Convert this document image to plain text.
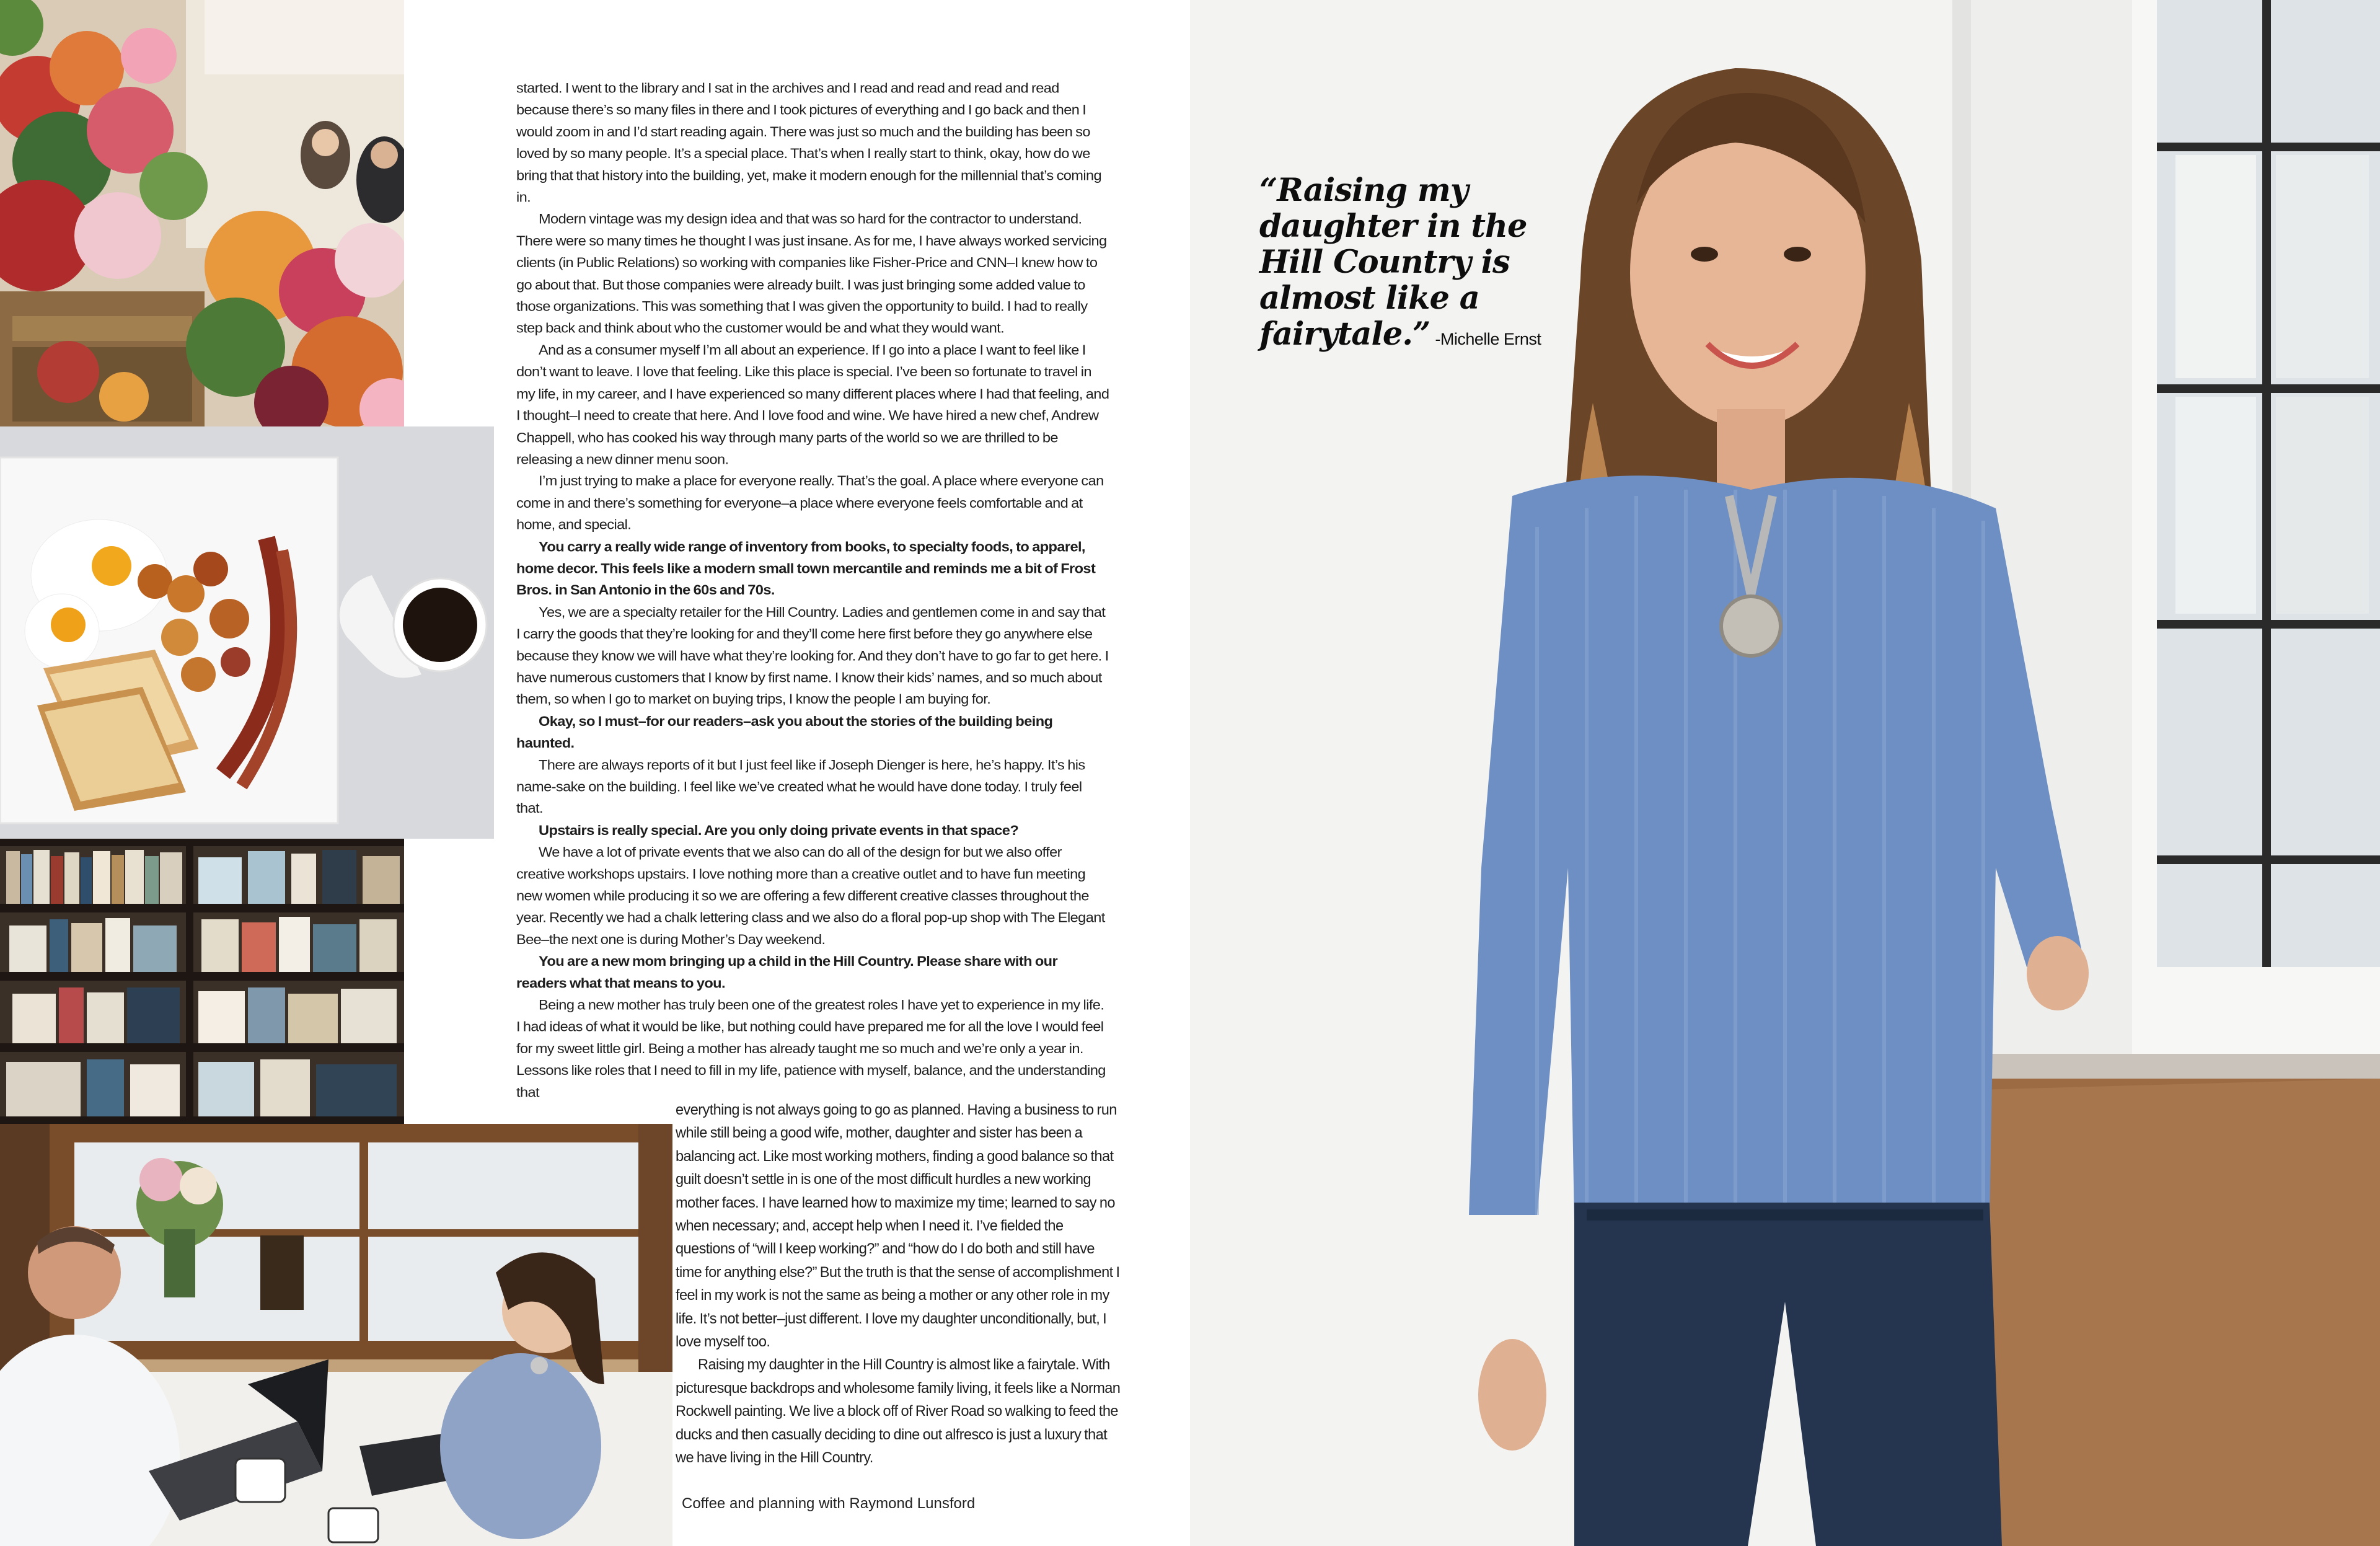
started. I went to the library and I sat in the archives and I read and read and read and read because there’s so many files in there and I took pictures of everything and I go back and then I would zoom in and I’d start reading again. There was just so much and the building has been so loved by so many people. It’s a special place. That’s when I really start to think, okay, how do we bring that that history into the building, yet, make it modern enough for the millennial that’s coming in.

Modern vintage was my design idea and that was so hard for the contractor to understand. There were so many times he thought I was just insane. As for me, I have always worked servicing clients (in Public Relations) so working with companies like Fisher-Price and CNN–I knew how to go about that. But those companies were already built. I was just bringing some added value to those organizations. This was something that I was given the opportunity to build. I had to really step back and think about who the customer would be and what they would want.

And as a consumer myself I’m all about an experience. If I go into a place I want to feel like I don’t want to leave. I love that feeling. Like this place is special. I’ve been so fortunate to travel in my life, in my career, and I have experienced so many different places where I had that feeling, and I thought–I need to create that here. And I love food and wine. We have hired a new chef, Andrew Chappell, who has cooked his way through many parts of the world so we are thrilled to be releasing a new dinner menu soon.

I’m just trying to make a place for everyone really. That’s the goal. A place where everyone can come in and there’s something for everyone–a place where everyone feels comfortable and at home, and special.

You carry a really wide range of inventory from books, to specialty foods, to apparel, home decor. This feels like a modern small town mercantile and reminds me a bit of Frost Bros. in San Antonio in the 60s and 70s.

Yes, we are a specialty retailer for the Hill Country. Ladies and gentlemen come in and say that I carry the goods that they’re looking for and they’ll come here first before they go anywhere else because they know we will have what they’re looking for. And they don’t have to go far to get here. I have numerous customers that I know by first name. I know their kids’ names, and so much about them, so when I go to market on buying trips, I know the people I am buying for.

Okay, so I must–for our readers–ask you about the stories of the building being haunted.

There are always reports of it but I just feel like if Joseph Dienger is here, he’s happy. It’s his name-sake on the building. I feel like we’ve created what he would have done today. I truly feel that.

Upstairs is really special. Are you only doing private events in that space?

We have a lot of private events that we also can do all of the design for but we also offer creative workshops upstairs. I love nothing more than a creative outlet and to have fun meeting new women while producing it so we are offering a few different creative classes throughout the year. Recently we had a chalk lettering class and we also do a floral pop-up shop with The Elegant Bee–the next one is during Mother’s Day weekend.

You are a new mom bringing up a child in the Hill Country. Please share with our readers what that means to you.

Being a new mother has truly been one of the greatest roles I have yet to experience in my life. I had ideas of what it would be like, but nothing could have prepared me for all the love I would feel for my sweet little girl. Being a mother has already taught me so much and we’re only a year in. Lessons like roles that I need to fill in my life, patience with myself, balance, and the understanding that

everything is not always going to go as planned. Having a business to run while still being a good wife, mother, daughter and sister has been a balancing act. Like most working mothers, finding a good balance so that guilt doesn’t settle in is one of the most difficult hurdles a new working mother faces. I have learned how to maximize my time; learned to say no when necessary; and, accept help when I need it. I’ve fielded the questions of “will I keep working?” and “how do I do both and still have time for anything else?” But the truth is that the sense of accomplishment I feel in my work is not the same as being a mother or any other role in my life. It’s not better–just different. I love my daughter unconditionally, but, I love myself too.

Raising my daughter in the Hill Country is almost like a fairytale. With picturesque backdrops and wholesome family living, it feels like a Norman Rockwell painting. We live a block off of River Road so walking to feed the ducks and then casually deciding to dine out alfresco is just a luxury that we have living in the Hill Country.

Coffee and planning with Raymond Lunsford
“Raising my daughter in the Hill Country is almost like a fairytale.” -Michelle Ernst
